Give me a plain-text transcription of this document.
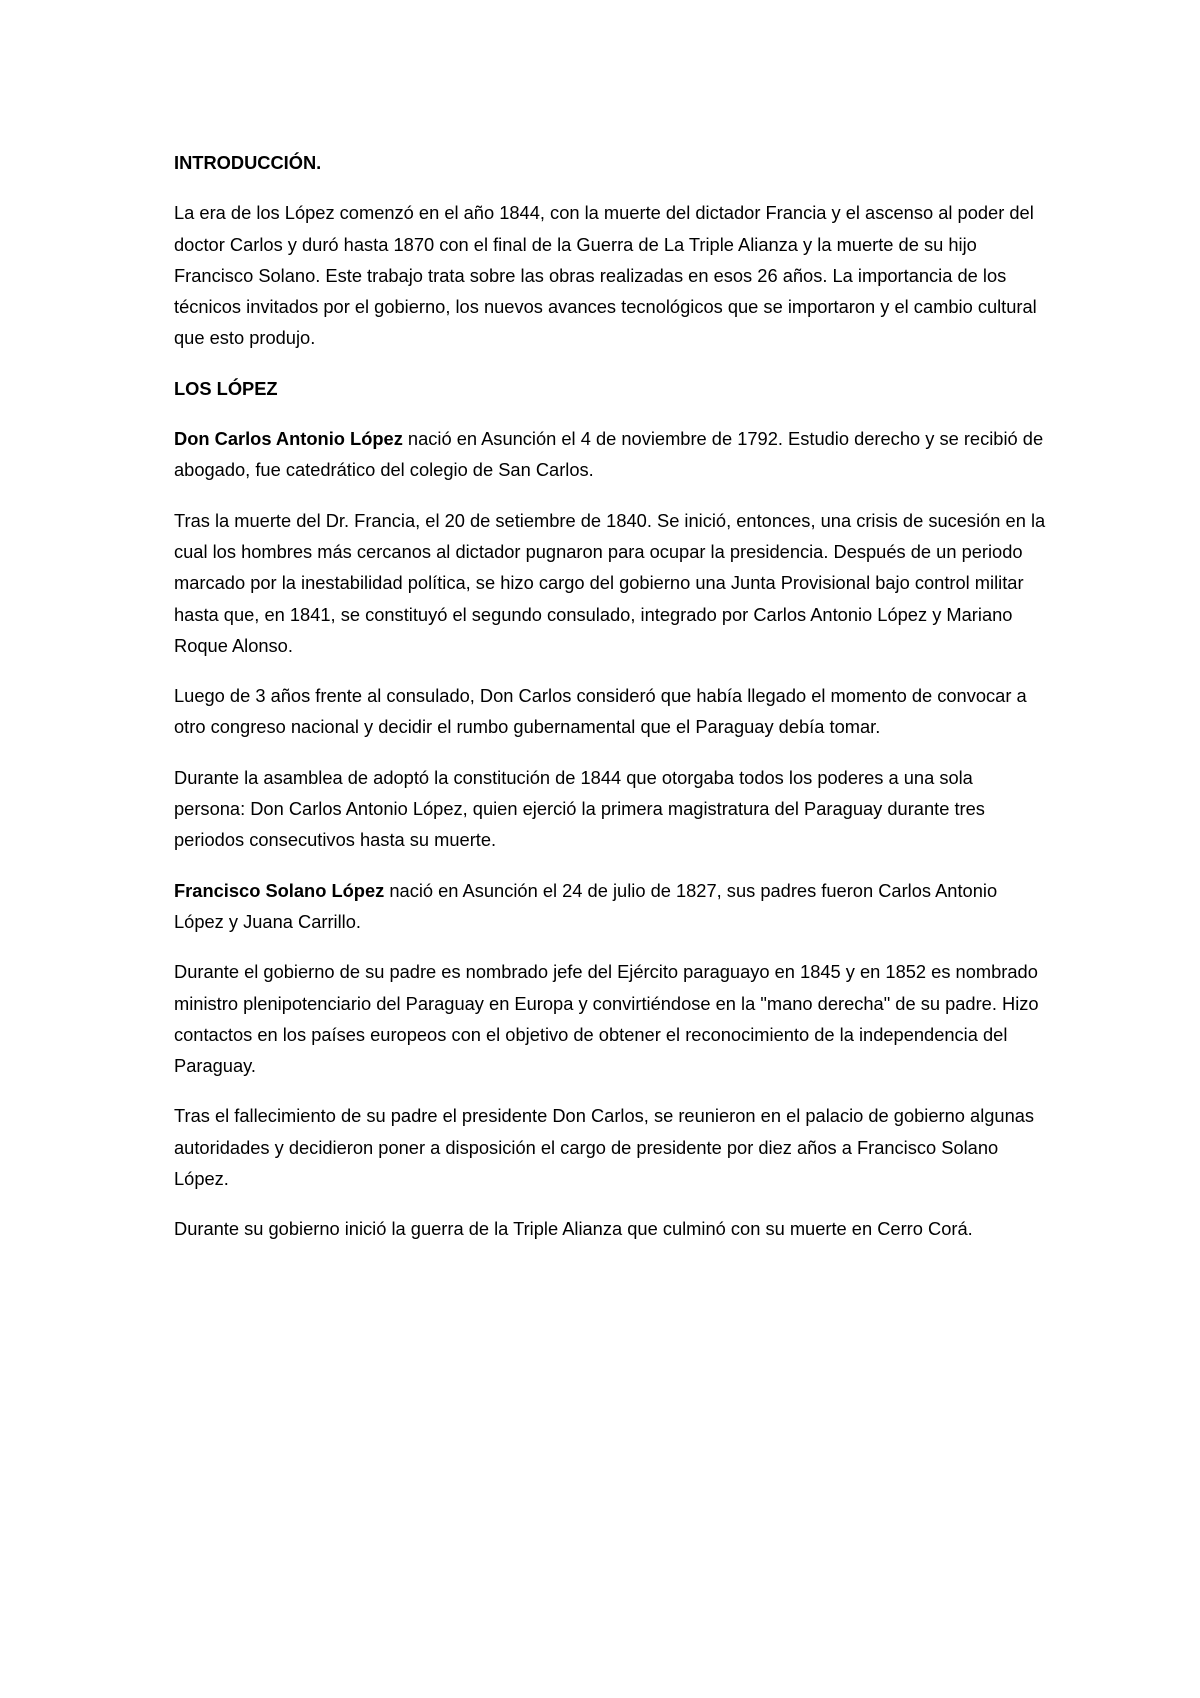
INTRODUCCIÓN.

La era de los López comenzó en el año 1844, con la muerte del dictador Francia y el ascenso al poder del doctor Carlos y duró hasta 1870 con el final de la Guerra de La Triple Alianza y la muerte de su hijo Francisco Solano. Este trabajo trata sobre las obras realizadas en esos 26 años. La importancia de los técnicos invitados por el gobierno, los nuevos avances tecnológicos que se importaron y el cambio cultural que esto produjo.

LOS LÓPEZ

Don Carlos Antonio López nació en Asunción el 4 de noviembre de 1792. Estudio derecho y se recibió de abogado, fue catedrático del colegio de San Carlos.

Tras la muerte del Dr. Francia, el 20 de setiembre de 1840. Se inició, entonces, una crisis de sucesión en la cual los hombres más cercanos al dictador pugnaron para ocupar la presidencia. Después de un periodo marcado por la inestabilidad política, se hizo cargo del gobierno una Junta Provisional bajo control militar hasta que, en 1841, se constituyó el segundo consulado, integrado por Carlos Antonio López y Mariano Roque Alonso.

Luego de 3 años frente al consulado, Don Carlos consideró que había llegado el momento de convocar a otro congreso nacional y decidir el rumbo gubernamental que el Paraguay debía tomar.

Durante la asamblea de adoptó la constitución de 1844 que otorgaba todos los poderes a una sola persona: Don Carlos Antonio López, quien ejerció la primera magistratura del Paraguay durante tres periodos consecutivos hasta su muerte.

Francisco Solano López nació en Asunción el 24 de julio de 1827, sus padres fueron Carlos Antonio López y Juana Carrillo.

Durante el gobierno de su padre es nombrado jefe del Ejército paraguayo en 1845 y en 1852 es nombrado ministro plenipotenciario del Paraguay en Europa y convirtiéndose en la "mano derecha" de su padre. Hizo contactos en los países europeos con el objetivo de obtener el reconocimiento de la independencia del Paraguay.

Tras el fallecimiento de su padre el presidente Don Carlos, se reunieron en el palacio de gobierno algunas autoridades y decidieron poner a disposición el cargo de presidente por diez años a Francisco Solano López.

Durante su gobierno inició la guerra de la Triple Alianza que culminó con su muerte en Cerro Corá.
